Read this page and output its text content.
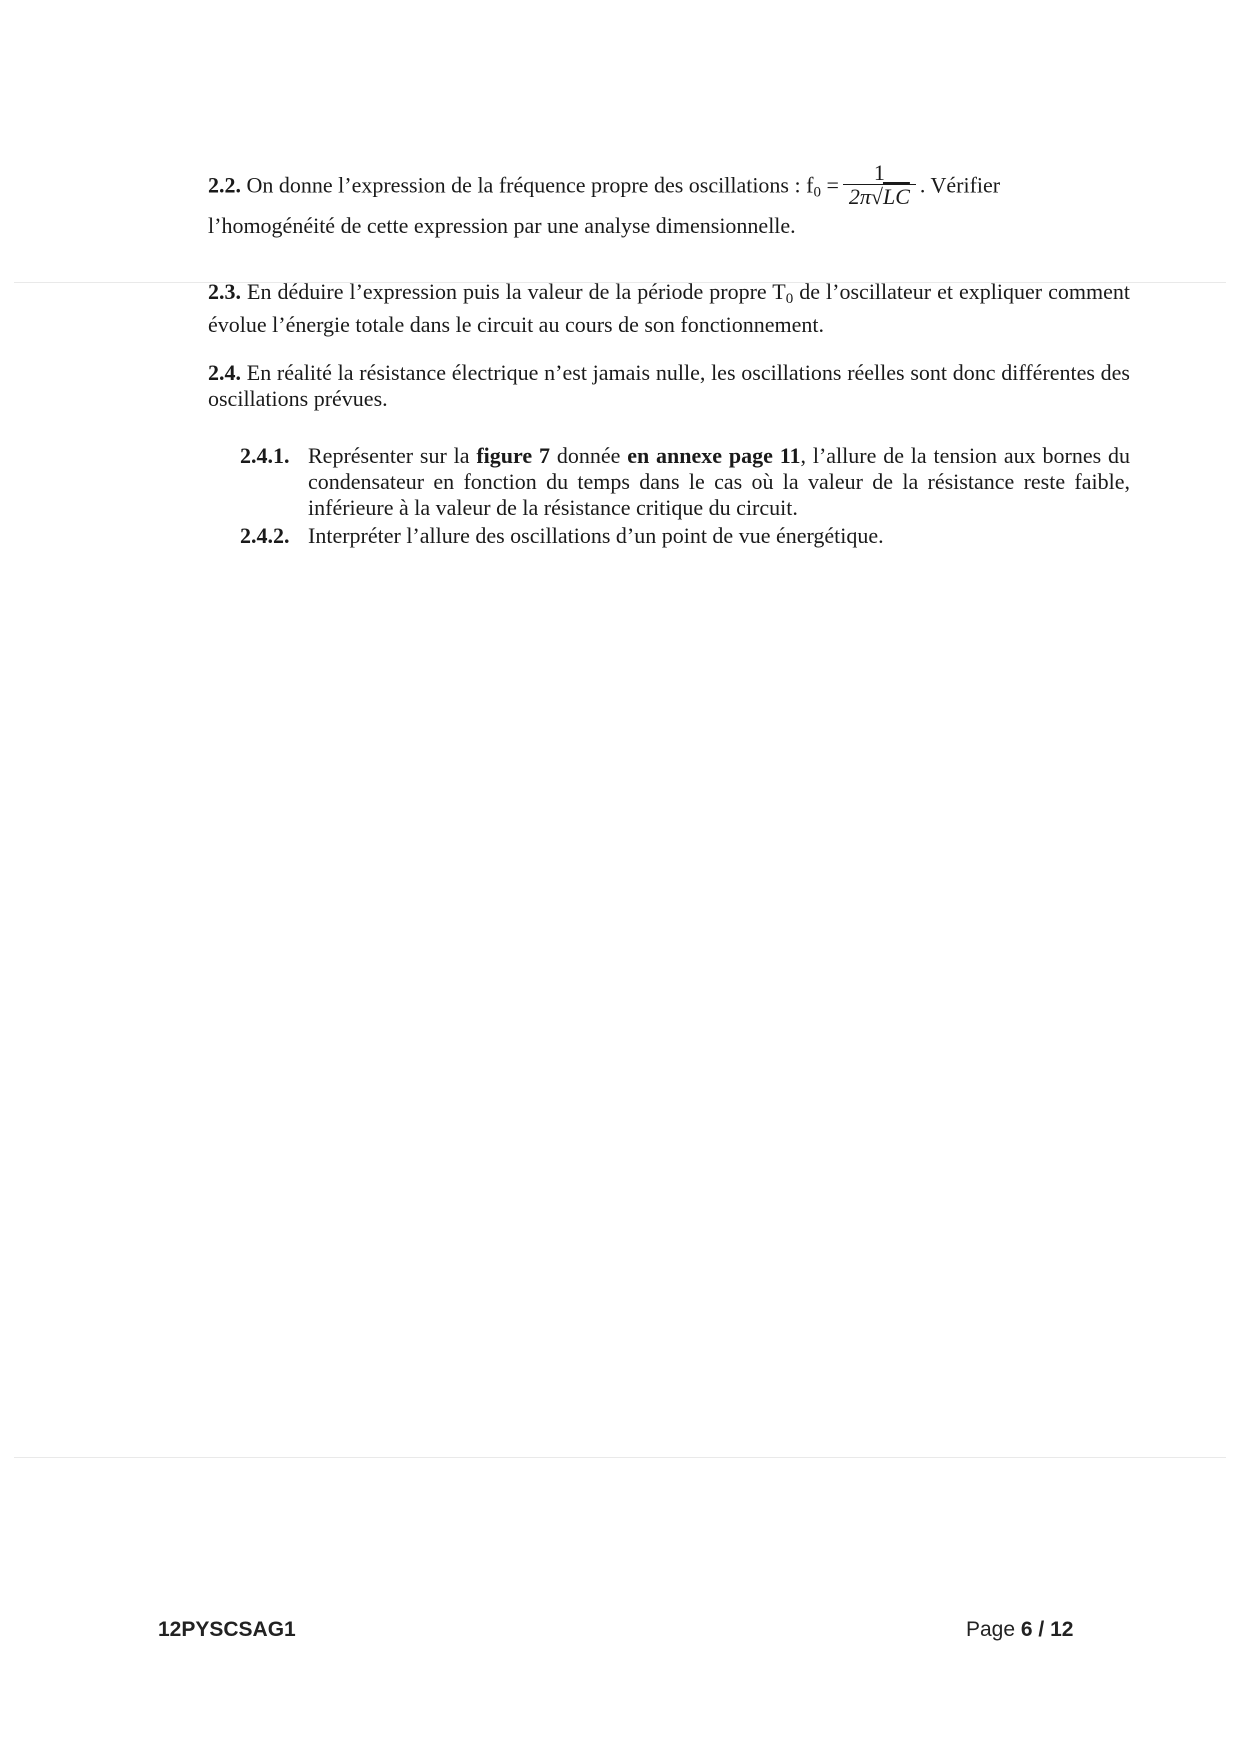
2.2. On donne l’expression de la fréquence propre des oscillations : $f_0 = \frac{1}{2\pi√LC}$ . Vérifier
l’homogénéité de cette expression par une analyse dimensionnelle.
2.3. En déduire l’expression puis la valeur de la période propre $T_0$ de l’oscillateur et expliquer comment évolue l’énergie totale dans le circuit au cours de son fonctionnement.
2.4. En réalité la résistance électrique n’est jamais nulle, les oscillations réelles sont donc différentes des oscillations prévues.
2.4.1. Représenter sur la figure 7 donnée en annexe page 11, l’allure de la tension aux bornes du condensateur en fonction du temps dans le cas où la valeur de la résistance reste faible, inférieure à la valeur de la résistance critique du circuit.
2.4.2. Interpréter l’allure des oscillations d’un point de vue énergétique.
12PYSCSAG1	Page 6 / 12
